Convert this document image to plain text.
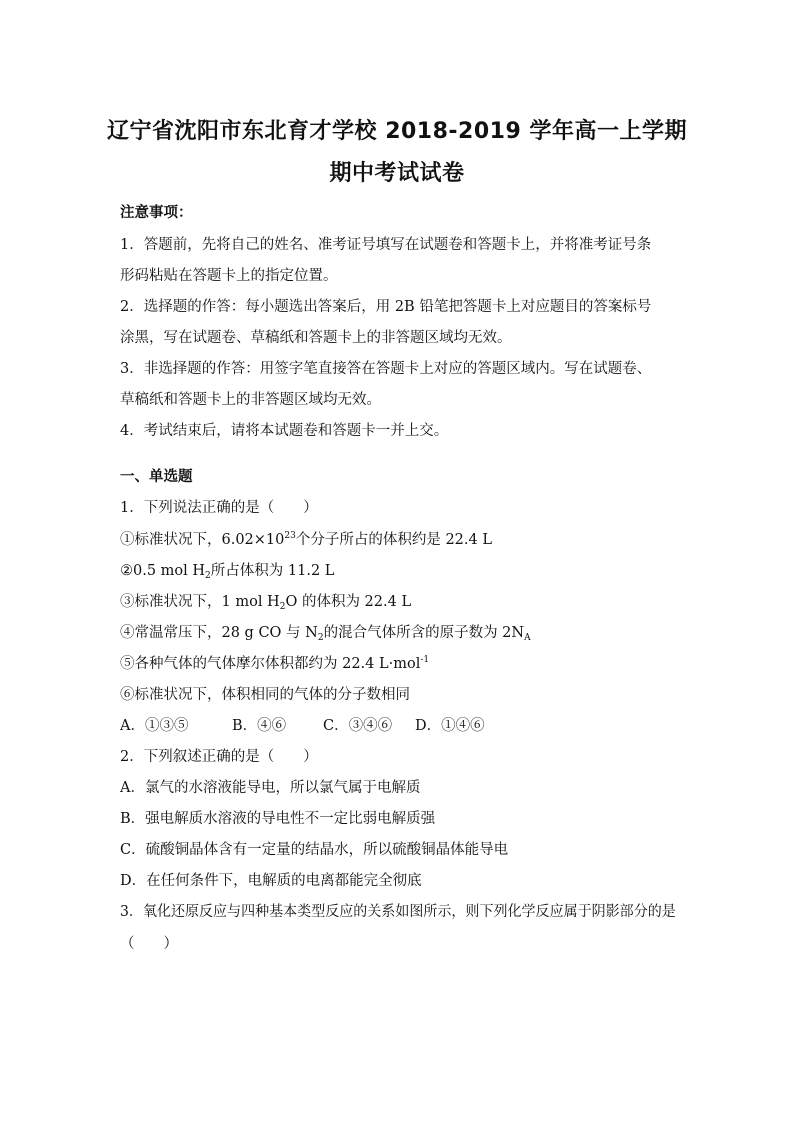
辽宁省沈阳市东北育才学校 2018-2019 学年高一上学期
期中考试试卷
注意事项：
1．答题前，先将自己的姓名、准考证号填写在试题卷和答题卡上，并将准考证号条
形码粘贴在答题卡上的指定位置。
2．选择题的作答：每小题选出答案后，用 2B 铅笔把答题卡上对应题目的答案标号
涂黑，写在试题卷、草稿纸和答题卡上的非答题区域均无效。
3．非选择题的作答：用签字笔直接答在答题卡上对应的答题区域内。写在试题卷、
草稿纸和答题卡上的非答题区域均无效。
4．考试结束后，请将本试题卷和答题卡一并上交。
一、单选题
1．下列说法正确的是（　　）
①标准状况下，$6.02\times 10^{23}$个分子所占的体积约是 22.4 L
②0.5 mol $H_2$所占体积为 11.2 L
③标准状况下，1 mol $H_2O$ 的体积为 22.4 L
④常温常压下，28 g CO 与 $N_2$的混合气体所含的原子数为 $2N_A$
⑤各种气体的气体摩尔体积都约为 22.4 L·mol$^{-1}$
⑥标准状况下，体积相同的气体的分子数相同
A．①③⑤	B．④⑥	C．③④⑥ D．①④⑥
2．下列叙述正确的是（　　）
A．氯气的水溶液能导电，所以氯气属于电解质
B．强电解质水溶液的导电性不一定比弱电解质强
C．硫酸铜晶体含有一定量的结晶水，所以硫酸铜晶体能导电
D．在任何条件下，电解质的电离都能完全彻底
3．氧化还原反应与四种基本类型反应的关系如图所示，则下列化学反应属于阴影部分的是
（　　）
